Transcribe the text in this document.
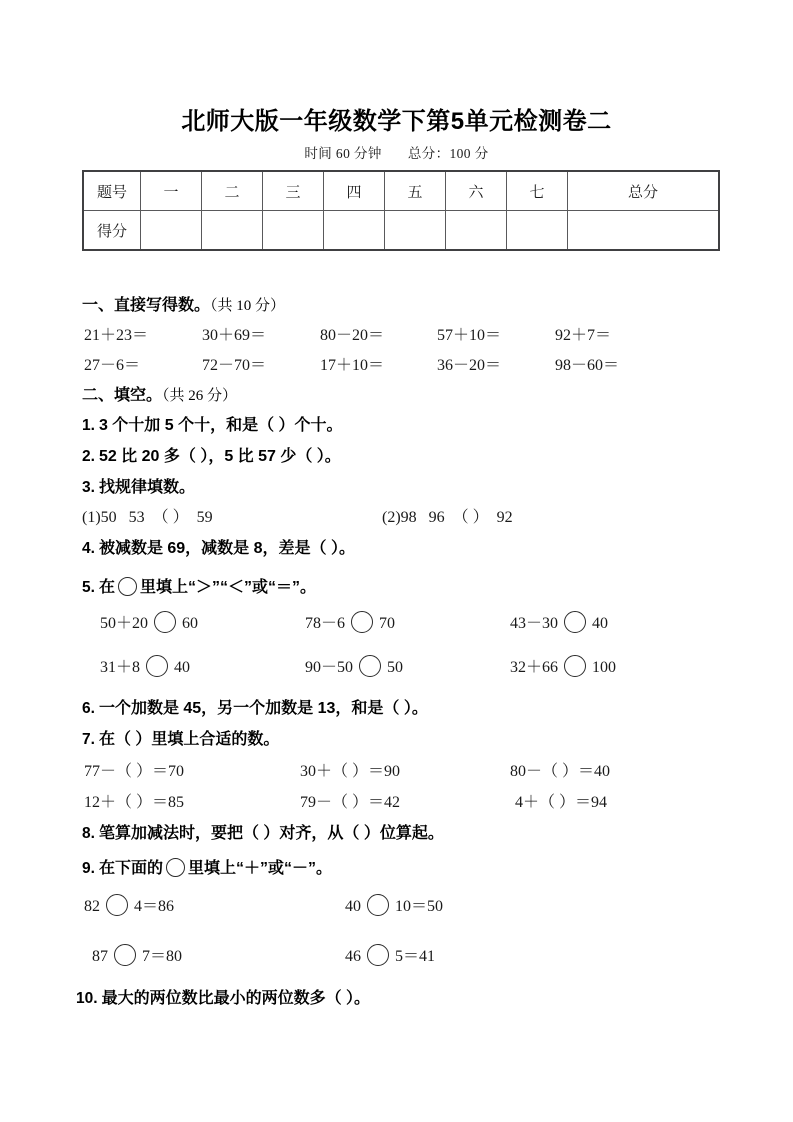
北师大版一年级数学下第5单元检测卷二
时间 60 分钟 总分：100 分
题号	一	二	三	四	五	六	七	总分
得分								
一、直接写得数。（共 10 分）
21＋23＝	30＋69＝	80－20＝	57＋10＝	92＋7＝
27－6＝	72－70＝	17＋10＝	36－20＝	98－60＝
二、填空。（共 26 分）
1. 3 个十加 5 个十，和是（ ）个十。
2. 52 比 20 多（ ），5 比 57 少（ ）。
3. 找规律填数。
(1)50 53 （ ） 59	(2)98 96 （ ） 92
4. 被减数是 69，减数是 8，差是（ ）。
5. 在 里填上“＞”“＜”或“＝”。
50＋20 60	78－6 70	43－30 40
31＋8 40	90－50 50	32＋66 100
6. 一个加数是 45，另一个加数是 13，和是（ ）。
7. 在（ ）里填上合适的数。
77－（ ）＝70	30＋（ ）＝90	80－（ ）＝40
12＋（ ）＝85	79－（ ）＝42	4＋（ ）＝94
8. 笔算加减法时，要把（ ）对齐，从（ ）位算起。
9. 在下面的 里填上“＋”或“－”。
82 4＝86	40 10＝50
87 7＝80	46 5＝41
10. 最大的两位数比最小的两位数多（ ）。
